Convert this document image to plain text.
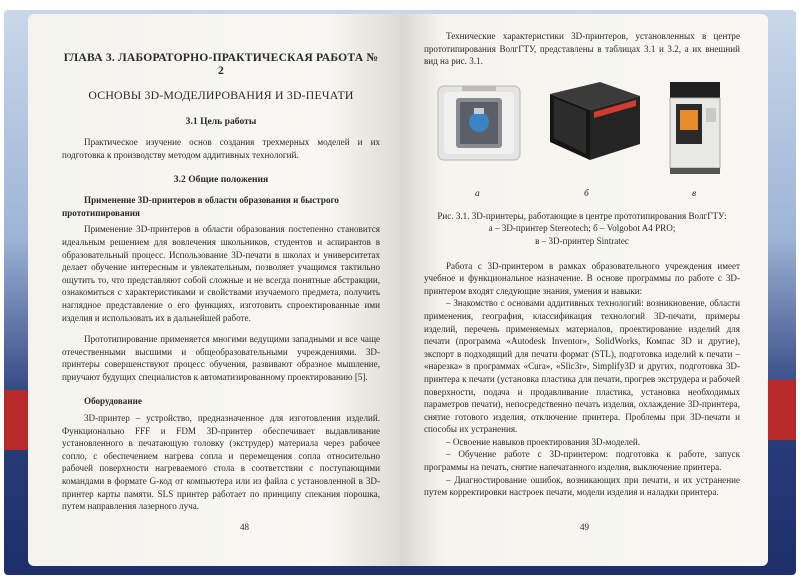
ГЛАВА 3. ЛАБОРАТОРНО-ПРАКТИЧЕСКАЯ РАБОТА № 2
ОСНОВЫ 3D-МОДЕЛИРОВАНИЯ И 3D-ПЕЧАТИ
3.1 Цель работы

Практическое изучение основ создания трехмерных моделей и их подготовка к производству методом аддитивных технологий.

3.2 Общие положения
Применение 3D-принтеров в области образования и быстрого прототипирования

Применение 3D-принтеров в области образования постепенно становится идеальным решением для вовлечения школьников, студентов и аспирантов в образовательный процесс. Использование 3D-печати в школах и университетах делает обучение интересным и увлекательным, позволяет учащимся тактильно ощутить то, что представляют собой сложные и не всегда понятные абстракции, ознакомиться с характеристиками и свойствами изучаемого предмета, получить наглядное представление о его функциях, изготовить спроектированные ими изделия и использовать их в дальнейшей работе.

Прототипирование применяется многими ведущими западными и все чаще отечественными высшими и общеобразовательными учреждениями. 3D-принтеры совершенствуют процесс обучения, развивают образное мышление, приучают будущих специалистов к автоматизированному проектированию [5].

Оборудование

3D-принтер – устройство, предназначенное для изготовления изделий. Функционально FFF и FDM 3D-принтер обеспечивает выдавливание установленного в печатающую головку (экструдер) материала через рабочее сопло, с обеспечением нагрева сопла и перемещения сопла относительно рабочей поверхности нагреваемого стола в соответствии с поступающими командами в формате G-код от компьютера или из файла с установленной в 3D-принтер карты памяти. SLS принтер работает по принципу спекания порошка, путем направления лазерного луча.

48

Технические характеристики 3D-принтеров, установленных в центре прототипирования ВолгГТУ, представлены в таблицах 3.1 и 3.2, а их внешний вид на рис. 3.1.

а	б	в
Рис. 3.1. 3D-принтеры, работающие в центре прототипирования ВолгГТУ:
а – 3D-принтер Stereotech; б – Volgobot A4 PRO;
в – 3D-принтер Sintratec

Работа с 3D-принтером в рамках образовательного учреждения имеет учебное и функциональное назначение. В основе программы по работе с 3D-принтером входят следующие знания, умения и навыки:

– Знакомство с основами аддитивных технологий: возникновение, области применения, география, классификация технологий 3D-печати, примеры изделий, перечень применяемых материалов, проектирование изделий для печати (программа «Autodesk Inventor», SolidWorks, Компас 3D и другие), экспорт в подходящий для печати формат (STL), подготовка изделий к печати – «нарезка» в программах «Cura», «Slic3r», Simplify3D и других, подготовка 3D-принтера к печати (установка пластика для печати, прогрев экструдера и рабочей поверхности, подача и продавливание пластика, установка необходимых параметров печати), непосредственно печать изделия, охлаждение 3D-принтера, снятие готового изделия, отключение принтера. Проблемы при 3D-печати и способы их устранения.

– Освоение навыков проектирования 3D-моделей.

– Обучение работе с 3D-принтером: подготовка к работе, запуск программы на печать, снятие напечатанного изделия, выключение принтера.

– Диагностирование ошибок, возникающих при печати, и их устранение путем корректировки настроек печати, модели изделия и наладки принтера.

49
